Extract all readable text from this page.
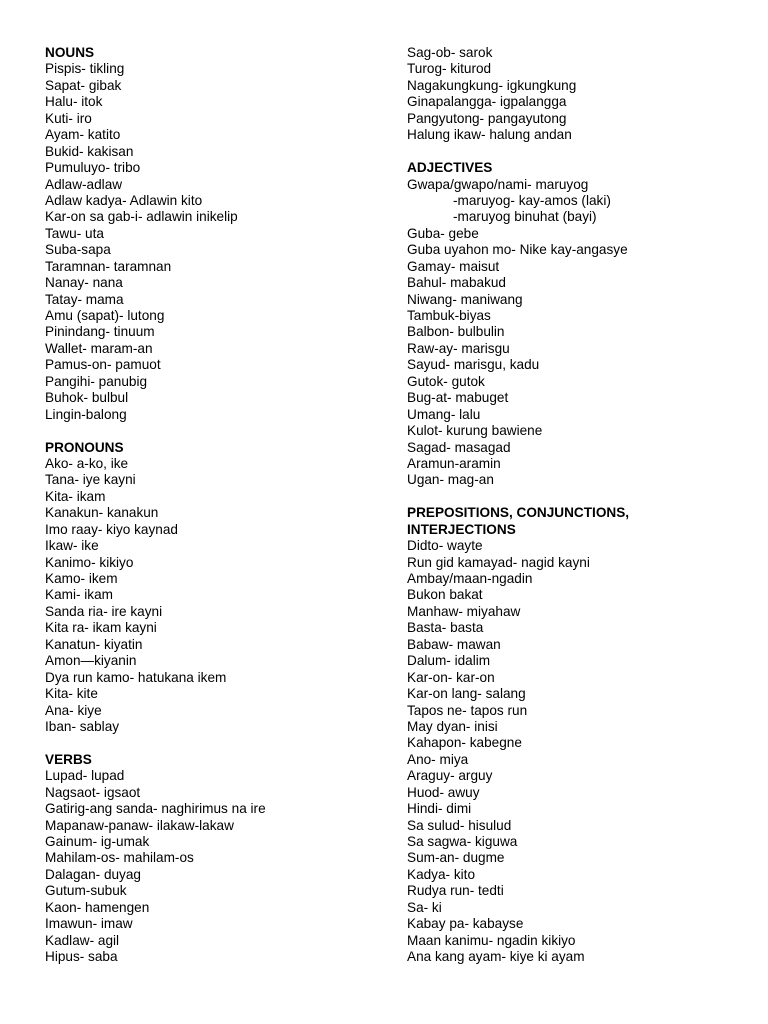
NOUNS
Pispis- tikling
Sapat- gibak
Halu- itok
Kuti- iro
Ayam- katito
Bukid- kakisan
Pumuluyo- tribo
Adlaw-adlaw
Adlaw kadya- Adlawin kito
Kar-on sa gab-i- adlawin inikelip
Tawu- uta
Suba-sapa
Taramnan- taramnan
Nanay- nana
Tatay- mama
Amu (sapat)- lutong
Pinindang- tinuum
Wallet- maram-an
Pamus-on- pamuot
Pangihi- panubig
Buhok- bulbul
Lingin-balong
PRONOUNS
Ako- a-ko, ike
Tana- iye kayni
Kita- ikam
Kanakun- kanakun
Imo raay- kiyo kaynad
Ikaw- ike
Kanimo- kikiyo
Kamo- ikem
Kami- ikam
Sanda ria- ire kayni
Kita ra- ikam kayni
Kanatun- kiyatin
Amon—kiyanin
Dya run kamo- hatukana ikem
Kita- kite
Ana- kiye
Iban- sablay
VERBS
Lupad- lupad
Nagsaot- igsaot
Gatirig-ang sanda- naghirimus na ire
Mapanaw-panaw- ilakaw-lakaw
Gainum- ig-umak
Mahilam-os- mahilam-os
Dalagan- duyag
Gutum-subuk
Kaon- hamengen
Imawun- imaw
Kadlaw- agil
Hipus- saba
Sag-ob- sarok
Turog- kiturod
Nagakungkung- igkungkung
Ginapalangga- igpalangga
Pangyutong- pangayutong
Halung ikaw- halung andan
ADJECTIVES
Gwapa/gwapo/nami- maruyog
-maruyog- kay-amos (laki)
-maruyog binuhat (bayi)
Guba- gebe
Guba uyahon mo- Nike kay-angasye
Gamay- maisut
Bahul- mabakud
Niwang- maniwang
Tambuk-biyas
Balbon- bulbulin
Raw-ay- marisgu
Sayud- marisgu, kadu
Gutok- gutok
Bug-at- mabuget
Umang- lalu
Kulot- kurung bawiene
Sagad- masagad
Aramun-aramin
Ugan- mag-an
PREPOSITIONS, CONJUNCTIONS,
INTERJECTIONS
Didto- wayte
Run gid kamayad- nagid kayni
Ambay/maan-ngadin
Bukon bakat
Manhaw- miyahaw
Basta- basta
Babaw- mawan
Dalum- idalim
Kar-on- kar-on
Kar-on lang- salang
Tapos ne- tapos run
May dyan- inisi
Kahapon- kabegne
Ano- miya
Araguy- arguy
Huod- awuy
Hindi- dimi
Sa sulud- hisulud
Sa sagwa- kiguwa
Sum-an- dugme
Kadya- kito
Rudya run- tedti
Sa- ki
Kabay pa- kabayse
Maan kanimu- ngadin kikiyo
Ana kang ayam- kiye ki ayam
